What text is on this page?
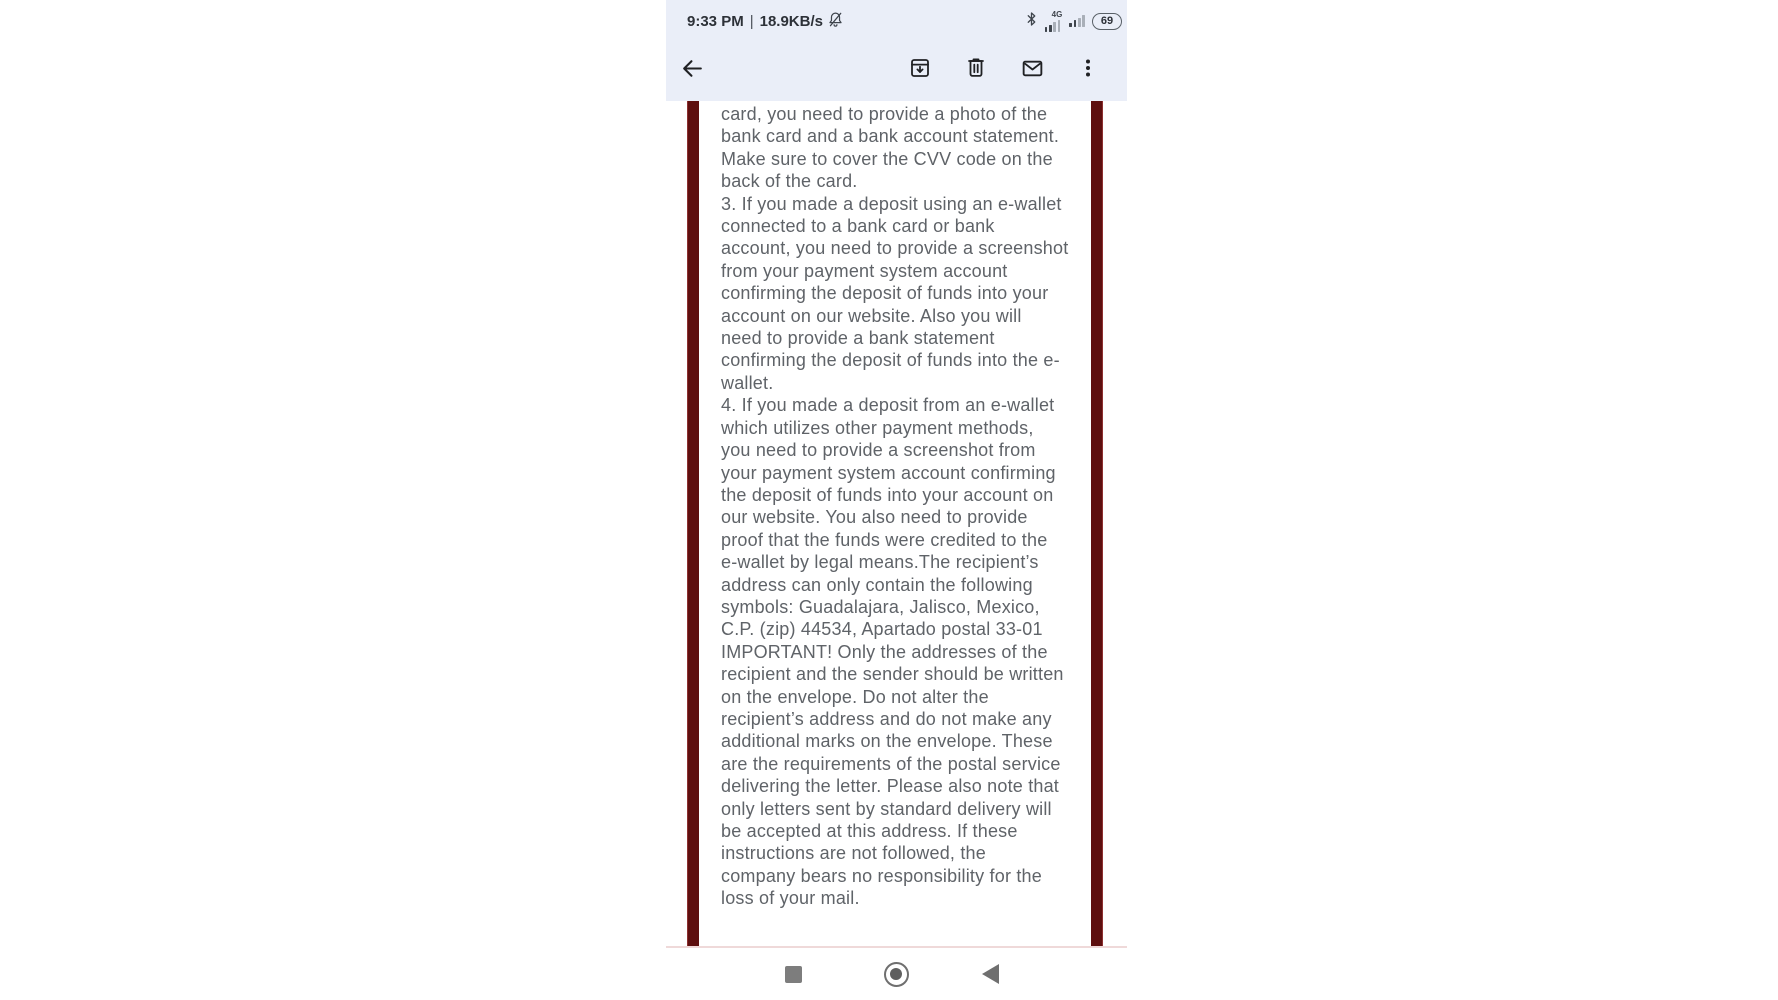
9:33 PM | 18.9KB/s	4G
69
card, you need to provide a photo of the
bank card and a bank account statement.
Make sure to cover the CVV code on the
back of the card.
3. If you made a deposit using an e-wallet
connected to a bank card or bank
account, you need to provide a screenshot
from your payment system account
confirming the deposit of funds into your
account on our website. Also you will
need to provide a bank statement
confirming the deposit of funds into the e-
wallet.
4. If you made a deposit from an e-wallet
which utilizes other payment methods,
you need to provide a screenshot from
your payment system account confirming
the deposit of funds into your account on
our website. You also need to provide
proof that the funds were credited to the
e-wallet by legal means.The recipient’s
address can only contain the following
symbols: Guadalajara, Jalisco, Mexico,
C.P. (zip) 44534, Apartado postal 33-01
IMPORTANT! Only the addresses of the
recipient and the sender should be written
on the envelope. Do not alter the
recipient’s address and do not make any
additional marks on the envelope. These
are the requirements of the postal service
delivering the letter. Please also note that
only letters sent by standard delivery will
be accepted at this address. If these
instructions are not followed, the
company bears no responsibility for the
loss of your mail.
